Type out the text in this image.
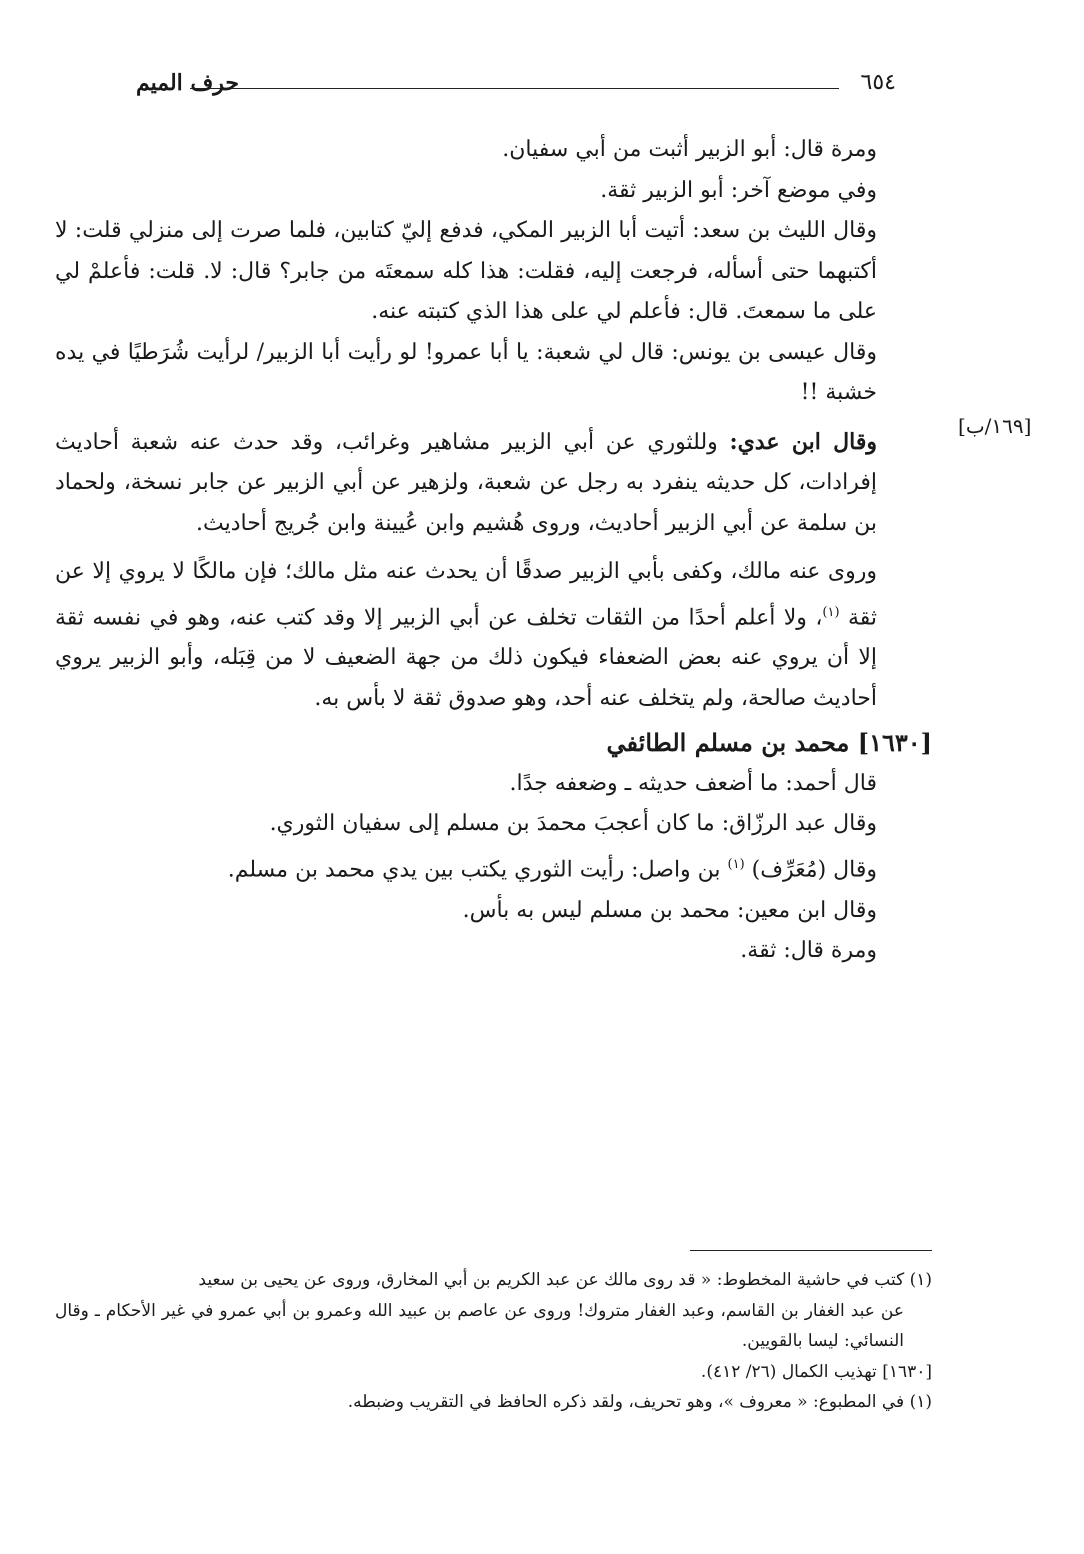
٦٥٤
حرف الميم
[١٦٩/ب]

ومرة قال: أبو الزبير أثبت من أبي سفيان.

وفي موضع آخر: أبو الزبير ثقة.

وقال الليث بن سعد: أتيت أبا الزبير المكي، فدفع إليّ كتابين، فلما صرت إلى منزلي قلت: لا أكتبهما حتى أسأله، فرجعت إليه، فقلت: هذا كله سمعتَه من جابر؟ قال: لا. قلت: فأعلمْ لي على ما سمعتَ. قال: فأعلم لي على هذا الذي كتبته عنه.

وقال عيسى بن يونس: قال لي شعبة: يا أبا عمرو! لو رأيت أبا الزبير/ لرأيت شُرَطيًا في يده خشبة !!

وقال ابن عدي: وللثوري عن أبي الزبير مشاهير وغرائب، وقد حدث عنه شعبة أحاديث إفرادات، كل حديثه ينفرد به رجل عن شعبة، ولزهير عن أبي الزبير عن جابر نسخة، ولحماد بن سلمة عن أبي الزبير أحاديث، وروى هُشيم وابن عُيينة وابن جُريج أحاديث.

وروى عنه مالك، وكفى بأبي الزبير صدقًا أن يحدث عنه مثل مالك؛ فإن مالكًا لا يروي إلا عن ثقة $^{(١)}$، ولا أعلم أحدًا من الثقات تخلف عن أبي الزبير إلا وقد كتب عنه، وهو في نفسه ثقة إلا أن يروي عنه بعض الضعفاء فيكون ذلك من جهة الضعيف لا من قِبَله، وأبو الزبير يروي أحاديث صالحة، ولم يتخلف عنه أحد، وهو صدوق ثقة لا بأس به.

[١٦٣٠] محمد بن مسلم الطائفي

قال أحمد: ما أضعف حديثه ـ وضعفه جدًا.

وقال عبد الرزّاق: ما كان أعجبَ محمدَ بن مسلم إلى سفيان الثوري.

وقال (مُعَرِّف) $^{(١)}$ بن واصل: رأيت الثوري يكتب بين يدي محمد بن مسلم.

وقال ابن معين: محمد بن مسلم ليس به بأس.

ومرة قال: ثقة.

(١) كتب في حاشية المخطوط: « قد روى مالك عن عبد الكريم بن أبي المخارق، وروى عن يحيى بن سعيد

عن عبد الغفار بن القاسم، وعبد الغفار متروك! وروى عن عاصم بن عبيد الله وعمرو بن أبي عمرو في غير الأحكام ـ وقال النسائي: ليسا بالقويين.

[١٦٣٠] تهذيب الكمال (٢٦/ ٤١٢).

(١) في المطبوع: « معروف »، وهو تحريف، ولقد ذكره الحافظ في التقريب وضبطه.
